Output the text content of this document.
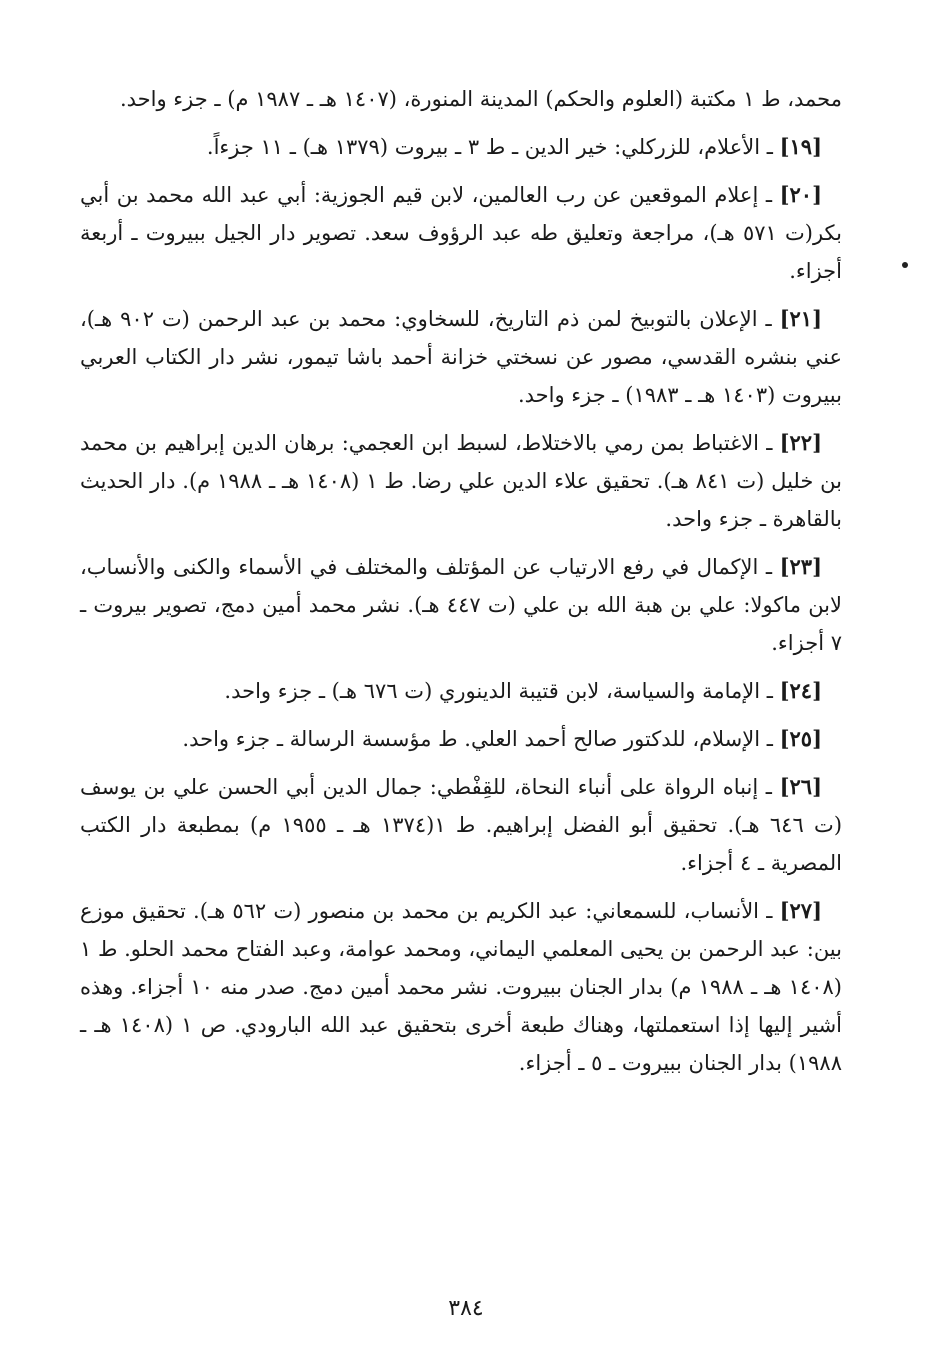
محمد، ط ١ مكتبة (العلوم والحكم) المدينة المنورة، (١٤٠٧ هـ ـ ١٩٨٧ م) ـ جزء واحد.

[١٩] ـ الأعلام، للزركلي: خير الدين ـ ط ٣ ـ بيروت (١٣٧٩ هـ) ـ ١١ جزءاً.

[٢٠] ـ إعلام الموقعين عن رب العالمين، لابن قيم الجوزية: أبي عبد الله محمد بن أبي بكر(ت ٥٧١ هـ)، مراجعة وتعليق طه عبد الرؤوف سعد. تصوير دار الجيل ببيروت ـ أربعة أجزاء.

[٢١] ـ الإعلان بالتوبيخ لمن ذم التاريخ، للسخاوي: محمد بن عبد الرحمن (ت ٩٠٢ هـ)، عني بنشره القدسي، مصور عن نسختي خزانة أحمد باشا تيمور، نشر دار الكتاب العربي ببيروت (١٤٠٣ هـ ـ ١٩٨٣) ـ جزء واحد.

[٢٢] ـ الاغتباط بمن رمي بالاختلاط، لسبط ابن العجمي: برهان الدين إبراهيم بن محمد بن خليل (ت ٨٤١ هـ). تحقيق علاء الدين علي رضا. ط ١ (١٤٠٨ هـ ـ ١٩٨٨ م). دار الحديث بالقاهرة ـ جزء واحد.

[٢٣] ـ الإكمال في رفع الارتياب عن المؤتلف والمختلف في الأسماء والكنى والأنساب، لابن ماكولا: علي بن هبة الله بن علي (ت ٤٤٧ هـ). نشر محمد أمين دمج، تصوير بيروت ـ ٧ أجزاء.

[٢٤] ـ الإمامة والسياسة، لابن قتيبة الدينوري (ت ٦٧٦ هـ) ـ جزء واحد.

[٢٥] ـ الإسلام، للدكتور صالح أحمد العلي. ط مؤسسة الرسالة ـ جزء واحد.

[٢٦] ـ إنباه الرواة على أنباء النحاة، للقِفْطي: جمال الدين أبي الحسن علي بن يوسف (ت ٦٤٦ هـ). تحقيق أبو الفضل إبراهيم. ط ١(١٣٧٤ هـ ـ ١٩٥٥ م) بمطبعة دار الكتب المصرية ـ ٤ أجزاء.

[٢٧] ـ الأنساب، للسمعاني: عبد الكريم بن محمد بن منصور (ت ٥٦٢ هـ). تحقيق موزع بين: عبد الرحمن بن يحيى المعلمي اليماني، ومحمد عوامة، وعبد الفتاح محمد الحلو. ط ١ (١٤٠٨ هـ ـ ١٩٨٨ م) بدار الجنان ببيروت. نشر محمد أمين دمج. صدر منه ١٠ أجزاء. وهذه أشير إليها إذا استعملتها، وهناك طبعة أخرى بتحقيق عبد الله البارودي. ص ١ (١٤٠٨ هـ ـ ١٩٨٨) بدار الجنان ببيروت ـ ٥ ـ أجزاء.

٣٨٤
